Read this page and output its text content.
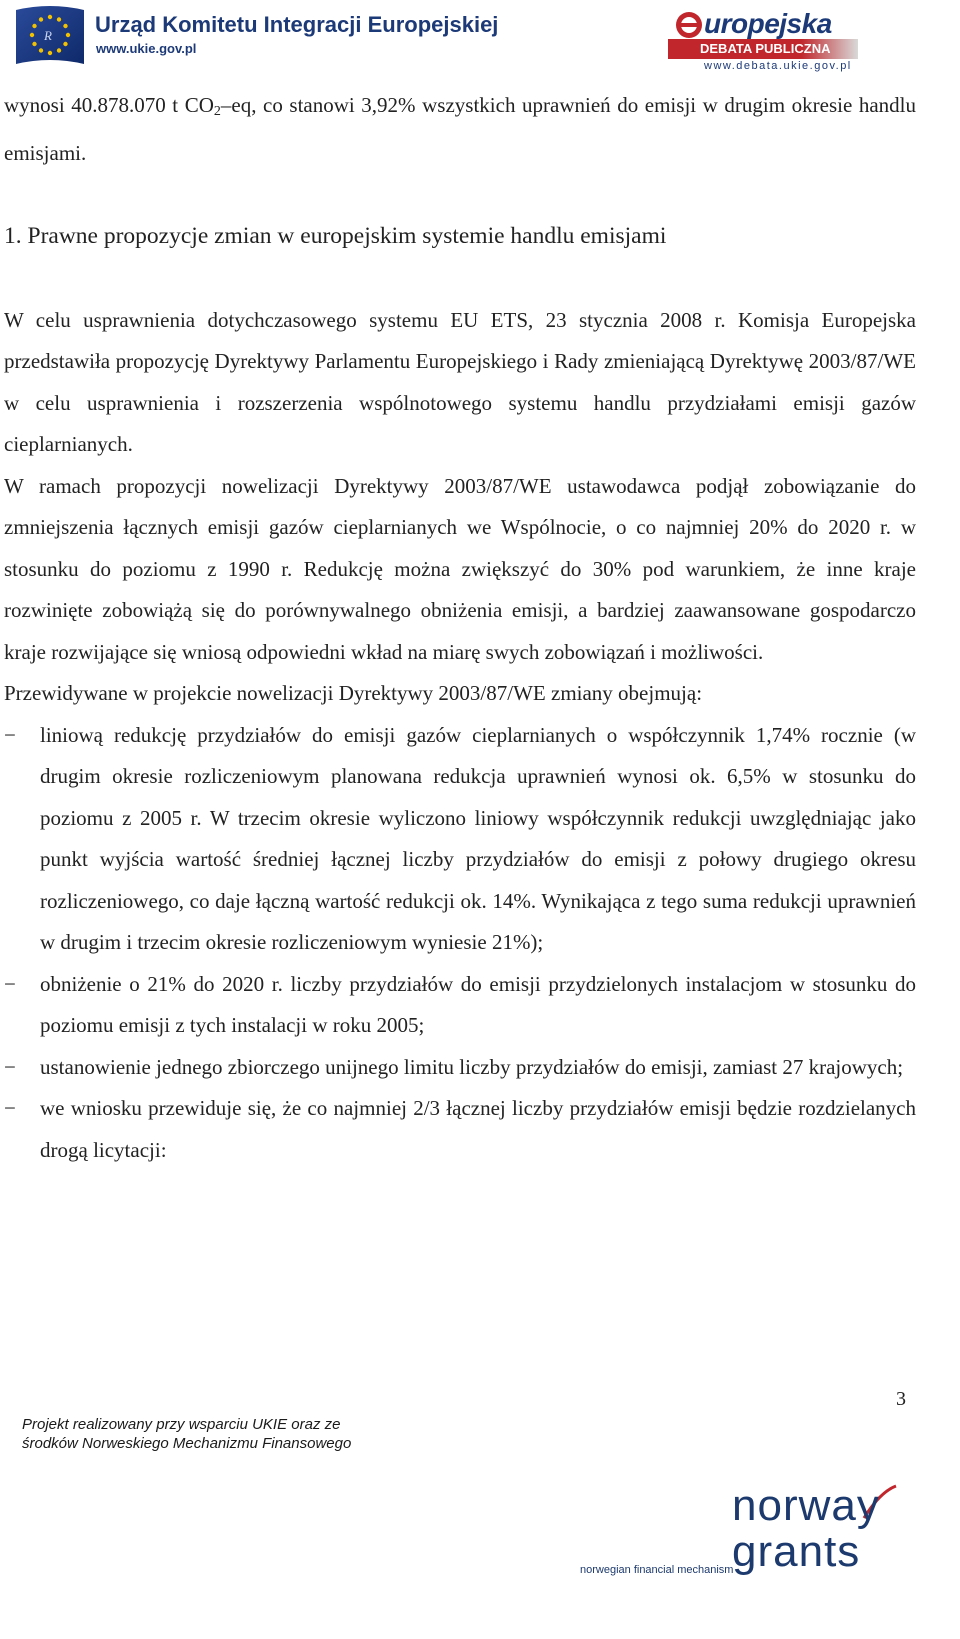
R Urząd Komitetu Integracji Europejskiej
www.ukie.gov.pl
uropejska
DEBATA PUBLICZNA
www.debata.ukie.gov.pl

wynosi 40.878.070 t $CO_2-eq$, co stanowi 3,92% wszystkich uprawnień do emisji w drugim okresie handlu emisjami.

1. Prawne propozycje zmian w europejskim systemie handlu emisjami

W celu usprawnienia dotychczasowego systemu EU ETS, 23 stycznia 2008 r. Komisja Europejska przedstawiła propozycję Dyrektywy Parlamentu Europejskiego i Rady zmieniającą Dyrektywę 2003/87/WE w celu usprawnienia i rozszerzenia wspólnotowego systemu handlu przydziałami emisji gazów cieplarnianych.

W ramach propozycji nowelizacji Dyrektywy 2003/87/WE ustawodawca podjął zobowiązanie do zmniejszenia łącznych emisji gazów cieplarnianych we Wspólnocie, o co najmniej 20% do 2020 r. w stosunku do poziomu z 1990 r. Redukcję można zwiększyć do 30% pod warunkiem, że inne kraje rozwinięte zobowiążą się do porównywalnego obniżenia emisji, a bardziej zaawansowane gospodarczo kraje rozwijające się wniosą odpowiedni wkład na miarę swych zobowiązań i możliwości.

Przewidywane w projekcie nowelizacji Dyrektywy 2003/87/WE zmiany obejmują:

− liniową redukcję przydziałów do emisji gazów cieplarnianych o współczynnik 1,74% rocznie (w drugim okresie rozliczeniowym planowana redukcja uprawnień wynosi ok. 6,5% w stosunku do poziomu z 2005 r. W trzecim okresie wyliczono liniowy współczynnik redukcji uwzględniając jako punkt wyjścia wartość średniej łącznej liczby przydziałów do emisji z połowy drugiego okresu rozliczeniowego, co daje łączną wartość redukcji ok. 14%. Wynikająca z tego suma redukcji uprawnień w drugim i trzecim okresie rozliczeniowym wyniesie 21%);
− obniżenie o 21% do 2020 r. liczby przydziałów do emisji przydzielonych instalacjom w stosunku do poziomu emisji z tych instalacji w roku 2005;
− ustanowienie jednego zbiorczego unijnego limitu liczby przydziałów do emisji, zamiast 27 krajowych;
− we wniosku przewiduje się, że co najmniej 2/3 łącznej liczby przydziałów emisji będzie rozdzielanych drogą licytacji:
3
Projekt realizowany przy wsparciu UKIE oraz ze
środków Norweskiego Mechanizmu Finansowego
norway
grants
norwegian financial mechanism
